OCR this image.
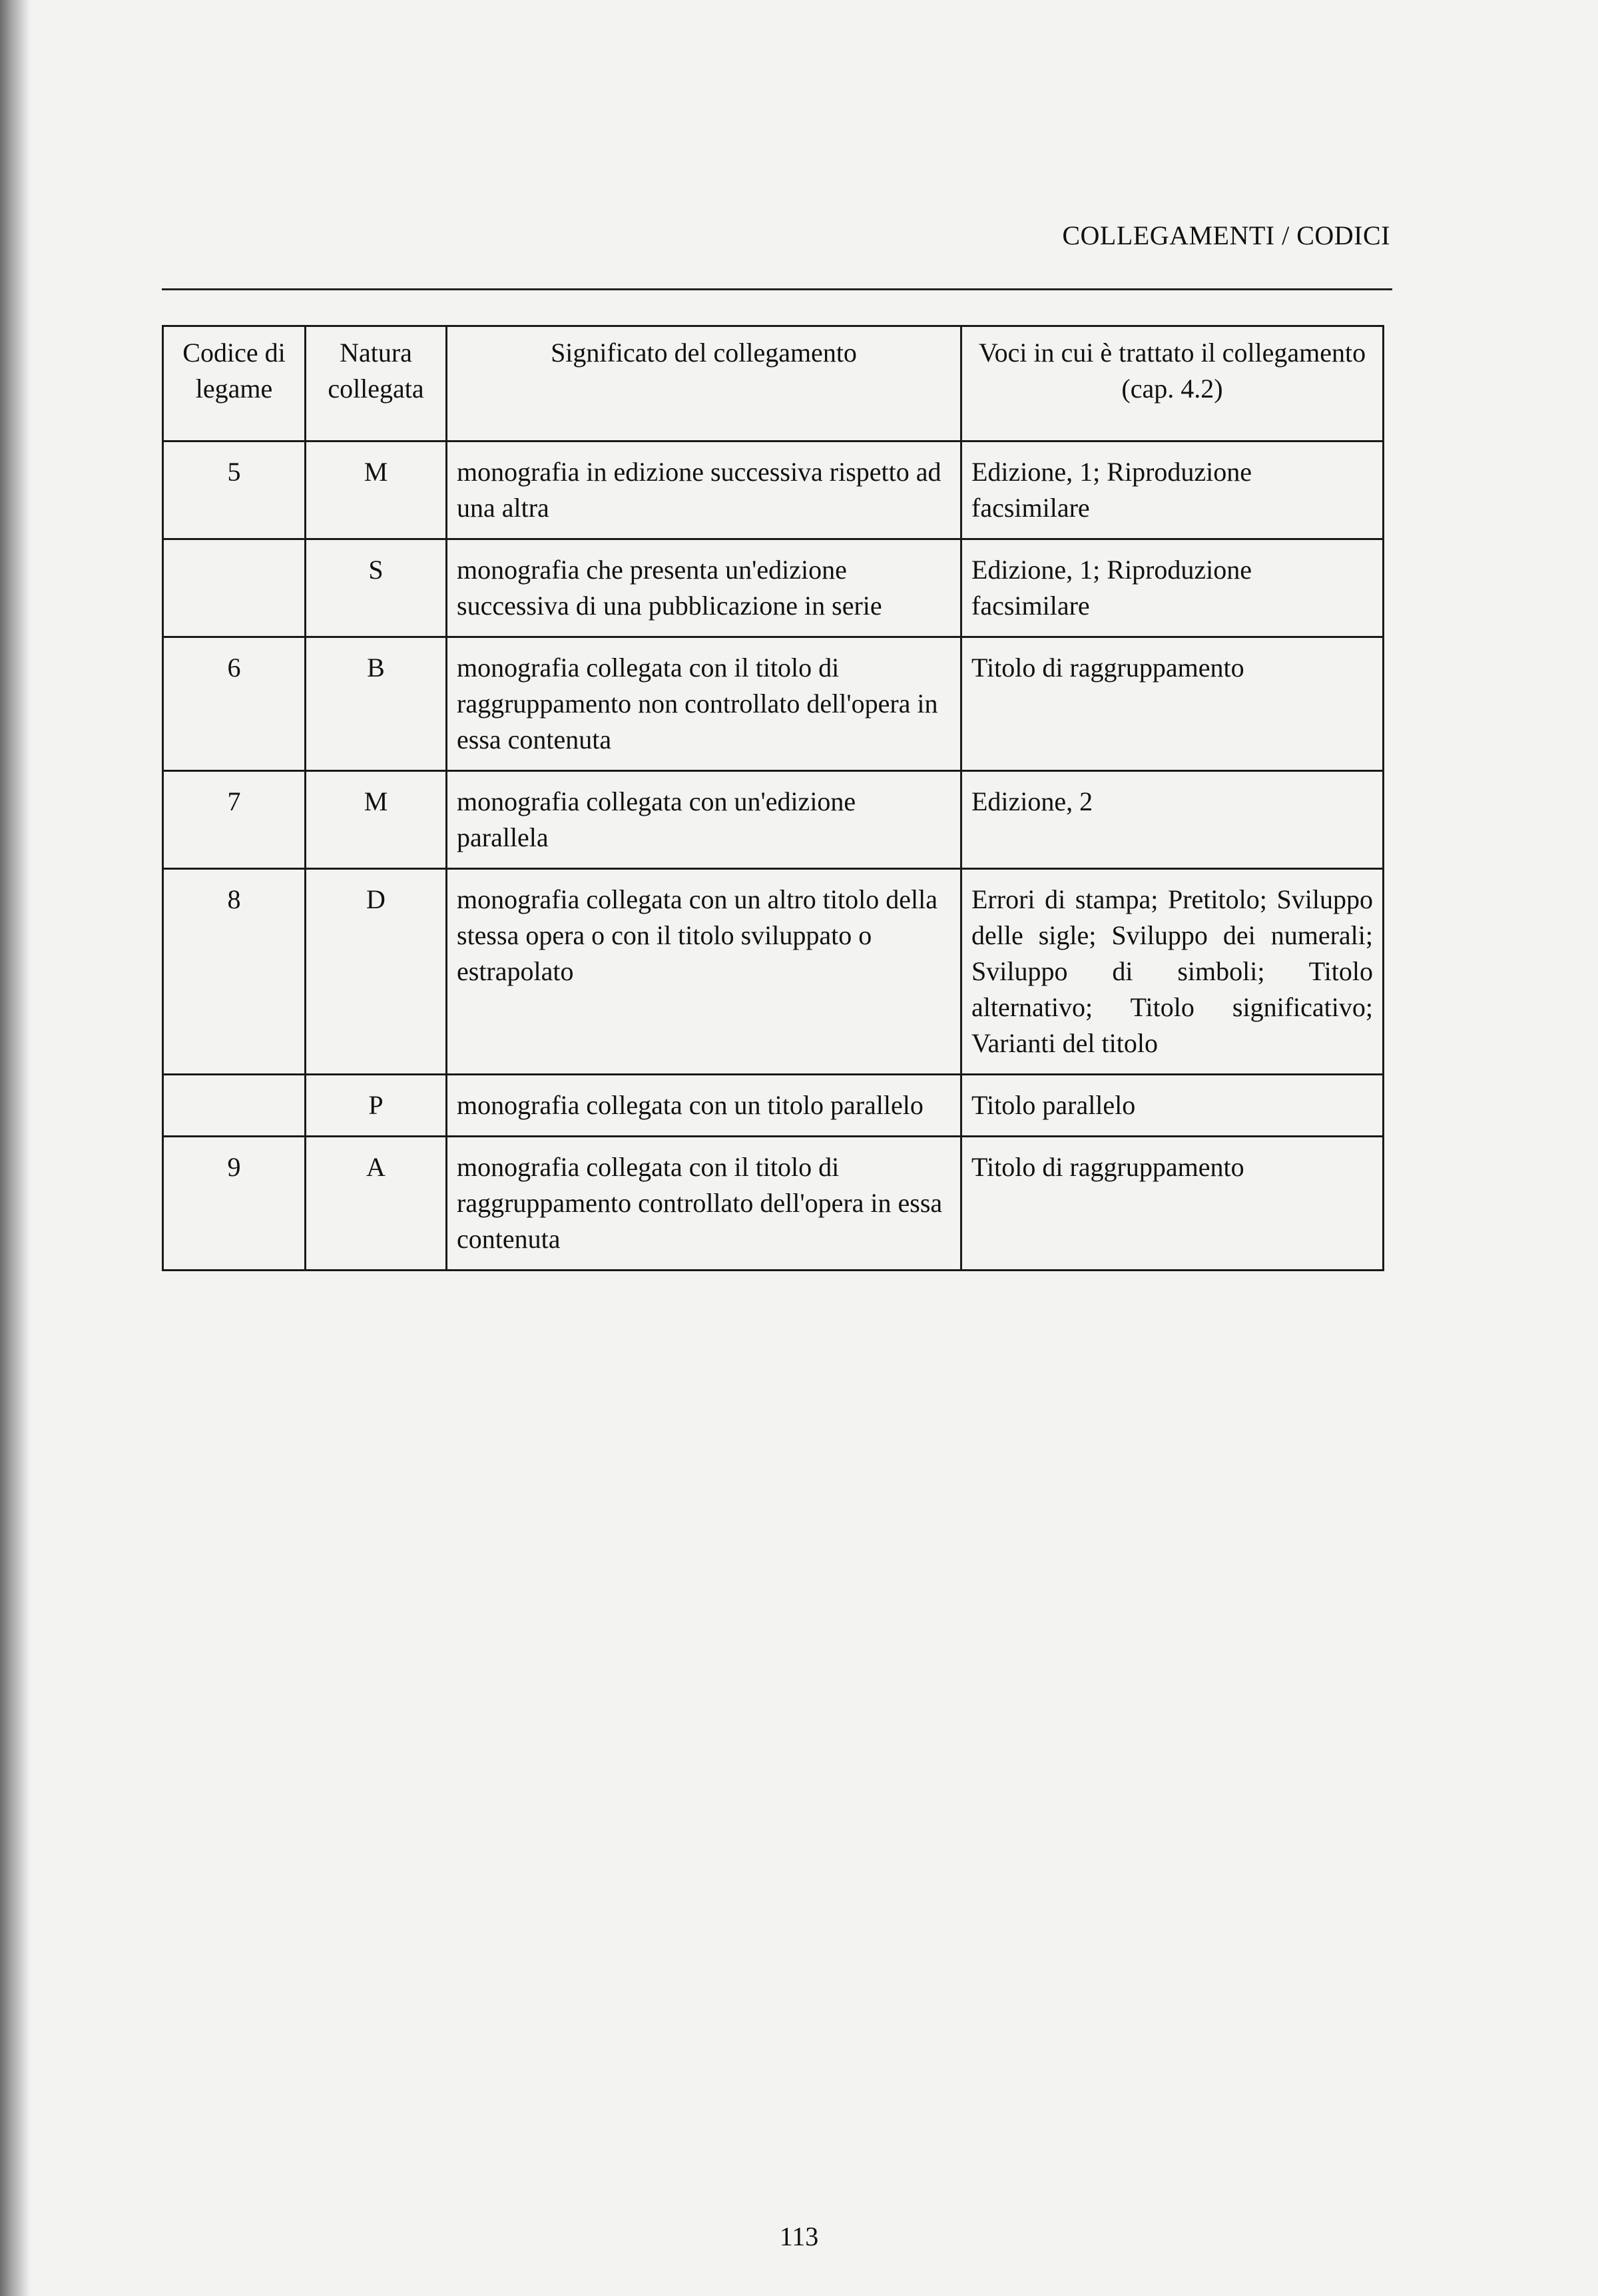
COLLEGAMENTI / CODICI
Codice di legame	Natura collegata	Significato del collegamento	Voci in cui è trattato il collegamento (cap. 4.2)
5	M	monografia in edizione successiva rispetto ad una altra	Edizione, 1; Riproduzione facsimilare
	S	monografia che presenta un'edizione successiva di una pubblicazione in serie	Edizione, 1; Riproduzione facsimilare
6	B	monografia collegata con il titolo di raggruppamento non controllato dell'opera in essa contenuta	Titolo di raggruppamento
7	M	monografia collegata con un'edizione parallela	Edizione, 2
8	D	monografia collegata con un altro titolo della stessa opera o con il titolo sviluppato o estrapolato	Errori di stampa; Pretitolo; Sviluppo delle sigle; Sviluppo dei numerali; Sviluppo di simboli; Titolo alternativo; Titolo significativo; Varianti del titolo
	P	monografia collegata con un titolo parallelo	Titolo parallelo
9	A	monografia collegata con il titolo di raggruppamento controllato dell'opera in essa contenuta	Titolo di raggruppamento
113
